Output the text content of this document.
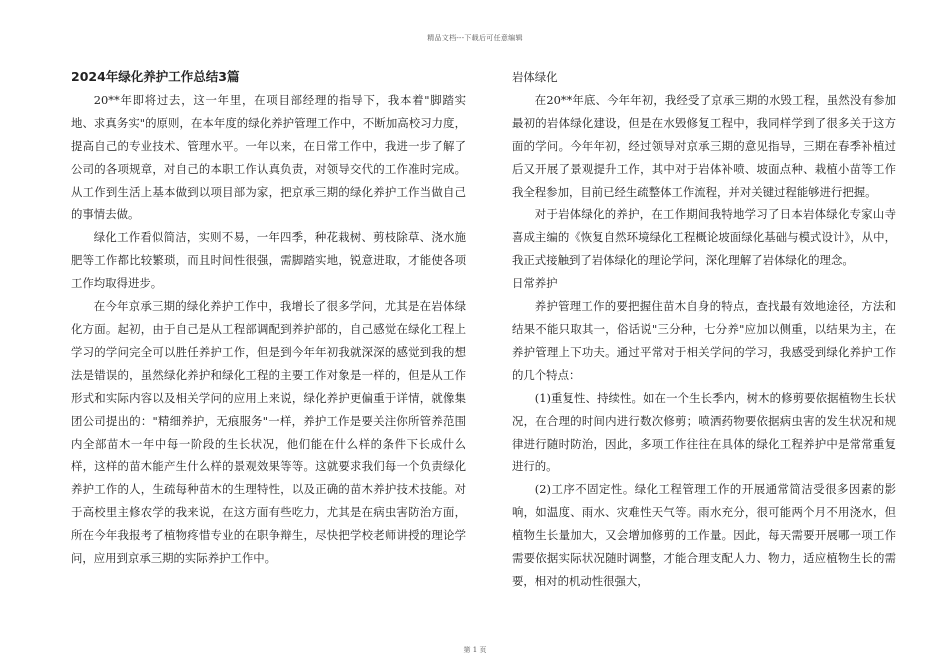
精品文档---下载后可任意编辑
2024年绿化养护工作总结3篇

20**年即将过去，这一年里，在项目部经理的指导下，我本着"脚踏实地、求真务实"的原则，在本年度的绿化养护管理工作中，不断加高校习力度，提高自己的专业技术、管理水平。一年以来，在日常工作中，我进一步了解了公司的各项规章，对自己的本职工作认真负责，对领导交代的工作准时完成。从工作到生活上基本做到以项目部为家，把京承三期的绿化养护工作当做自己的事情去做。

绿化工作看似简洁，实则不易，一年四季，种花栽树、剪枝除草、浇水施肥等工作都比较繁琐，而且时间性很强，需脚踏实地，锐意进取，才能使各项工作均取得进步。

在今年京承三期的绿化养护工作中，我增长了很多学问，尤其是在岩体绿化方面。起初，由于自己是从工程部调配到养护部的，自己感觉在绿化工程上学习的学问完全可以胜任养护工作，但是到今年年初我就深深的感觉到我的想法是错误的，虽然绿化养护和绿化工程的主要工作对象是一样的，但是从工作形式和实际内容以及相关学问的应用上来说，绿化养护更偏重于详情，就像集团公司提出的："精细养护，无痕服务"一样，养护工作是要关注你所管养范围内全部苗木一年中每一阶段的生长状况，他们能在什么样的条件下长成什么样，这样的苗木能产生什么样的景观效果等等。这就要求我们每一个负责绿化养护工作的人，生疏每种苗木的生理特性，以及正确的苗木养护技术技能。对于高校里主修农学的我来说，在这方面有些吃力，尤其是在病虫害防治方面，所在今年我报考了植物疼惜专业的在职争辩生，尽快把学校老师讲授的理论学问，应用到京承三期的实际养护工作中。

岩体绿化

在20**年底、今年年初，我经受了京承三期的水毁工程，虽然没有参加最初的岩体绿化建设，但是在水毁修复工程中，我同样学到了很多关于这方面的学问。今年年初，经过领导对京承三期的意见指导，三期在春季补植过后又开展了景观提升工作，其中对于岩体补喷、坡面点种、栽植小苗等工作我全程参加，目前已经生疏整体工作流程，并对关键过程能够进行把握。

对于岩体绿化的养护，在工作期间我特地学习了日本岩体绿化专家山寺喜成主编的《恢复自然环境绿化工程概论坡面绿化基础与模式设计》，从中，我正式接触到了岩体绿化的理论学问，深化理解了岩体绿化的理念。

日常养护

养护管理工作的要把握住苗木自身的特点，查找最有效地途径，方法和结果不能只取其一，俗话说"三分种，七分养"应加以侧重，以结果为主，在养护管理上下功夫。通过平常对于相关学问的学习，我感受到绿化养护工作的几个特点：

(1)重复性、持续性。如在一个生长季内，树木的修剪要依据植物生长状况，在合理的时间内进行数次修剪；喷洒药物要依据病虫害的发生状况和规律进行随时防治，因此，多项工作往往在具体的绿化工程养护中是常常重复进行的。

(2)工序不固定性。绿化工程管理工作的开展通常简洁受很多因素的影响，如温度、雨水、灾难性天气等。雨水充分，很可能两个月不用浇水，但植物生长量加大，又会增加修剪的工作量。因此，每天需要开展哪一项工作需要依据实际状况随时调整，才能合理支配人力、物力，适应植物生长的需要，相对的机动性很强大，

第 1 页
